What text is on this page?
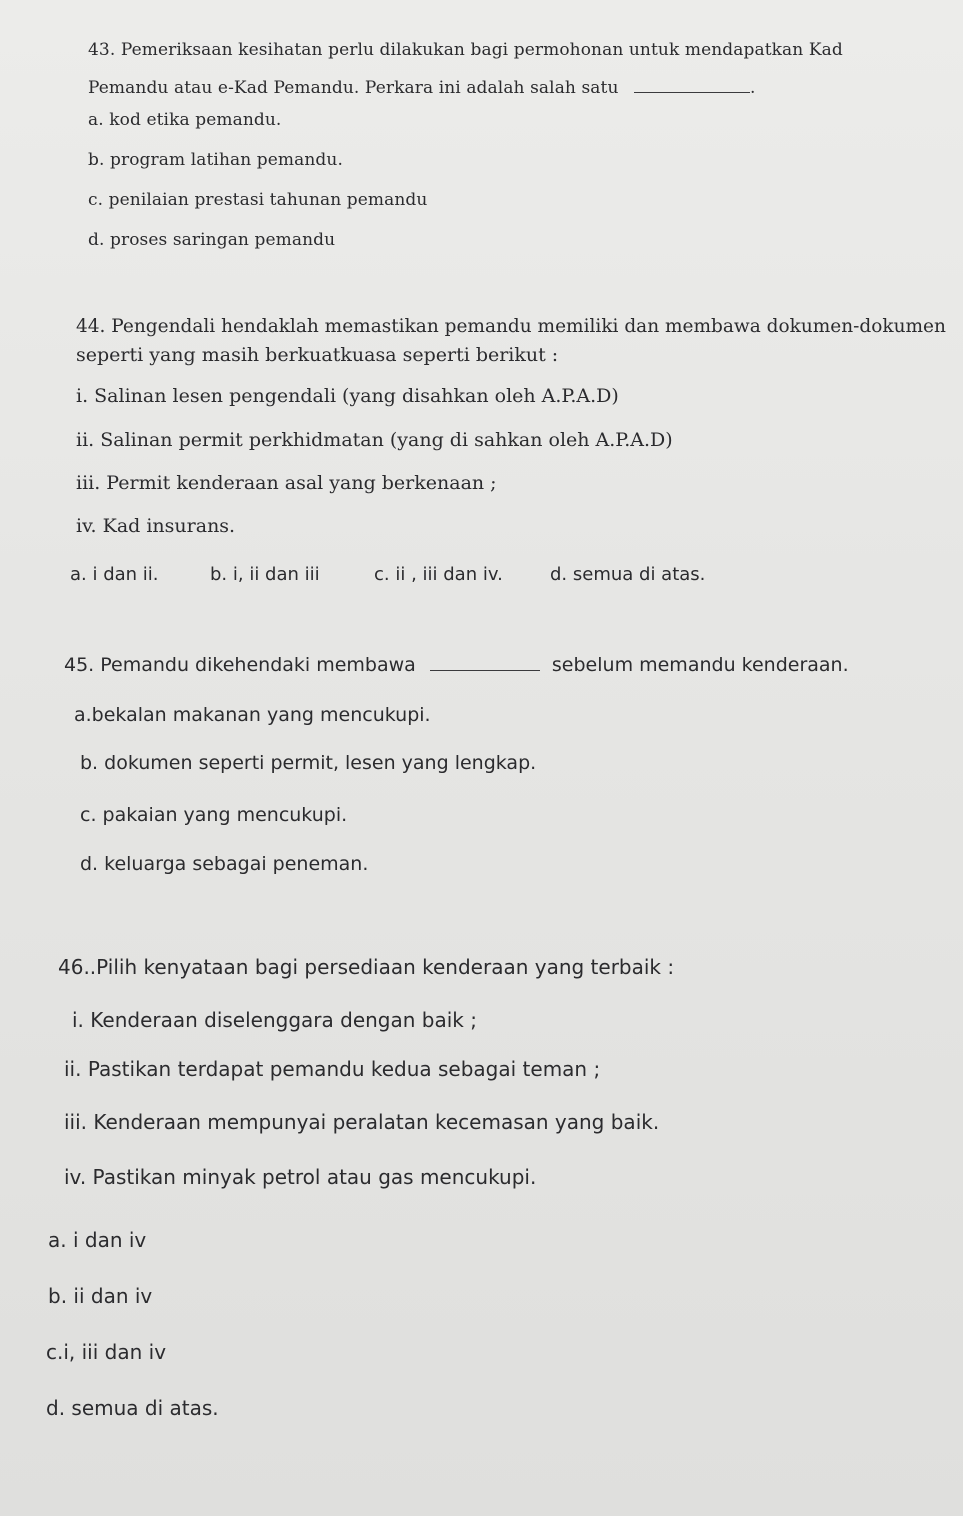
43. Pemeriksaan kesihatan perlu dilakukan bagi permohonan untuk mendapatkan Kad
Pemandu atau e-Kad Pemandu. Perkara ini adalah salah satu	.
a. kod etika pemandu.
b. program latihan pemandu.
c. penilaian prestasi tahunan pemandu
d. proses saringan pemandu
44. Pengendali hendaklah memastikan pemandu memiliki dan membawa dokumen-dokumen
seperti yang masih berkuatkuasa seperti berikut :
i. Salinan lesen pengendali (yang disahkan oleh A.P.A.D)
ii. Salinan permit perkhidmatan (yang di sahkan oleh A.P.A.D)
iii. Permit kenderaan asal yang berkenaan ;
iv. Kad insurans.
a. i dan ii.	b. i, ii dan iii	c. ii , iii dan iv.	d. semua di atas.
45. Pemandu dikehendaki membawa	sebelum memandu kenderaan.
a.bekalan makanan yang mencukupi.
b. dokumen seperti permit, lesen yang lengkap.
c. pakaian yang mencukupi.
d. keluarga sebagai peneman.
46..Pilih kenyataan bagi persediaan kenderaan yang terbaik :
i. Kenderaan diselenggara dengan baik ;
ii. Pastikan terdapat pemandu kedua sebagai teman ;
iii. Kenderaan mempunyai peralatan kecemasan yang baik.
iv. Pastikan minyak petrol atau gas mencukupi.
a. i dan iv
b. ii dan iv
c.i, iii dan iv
d. semua di atas.
